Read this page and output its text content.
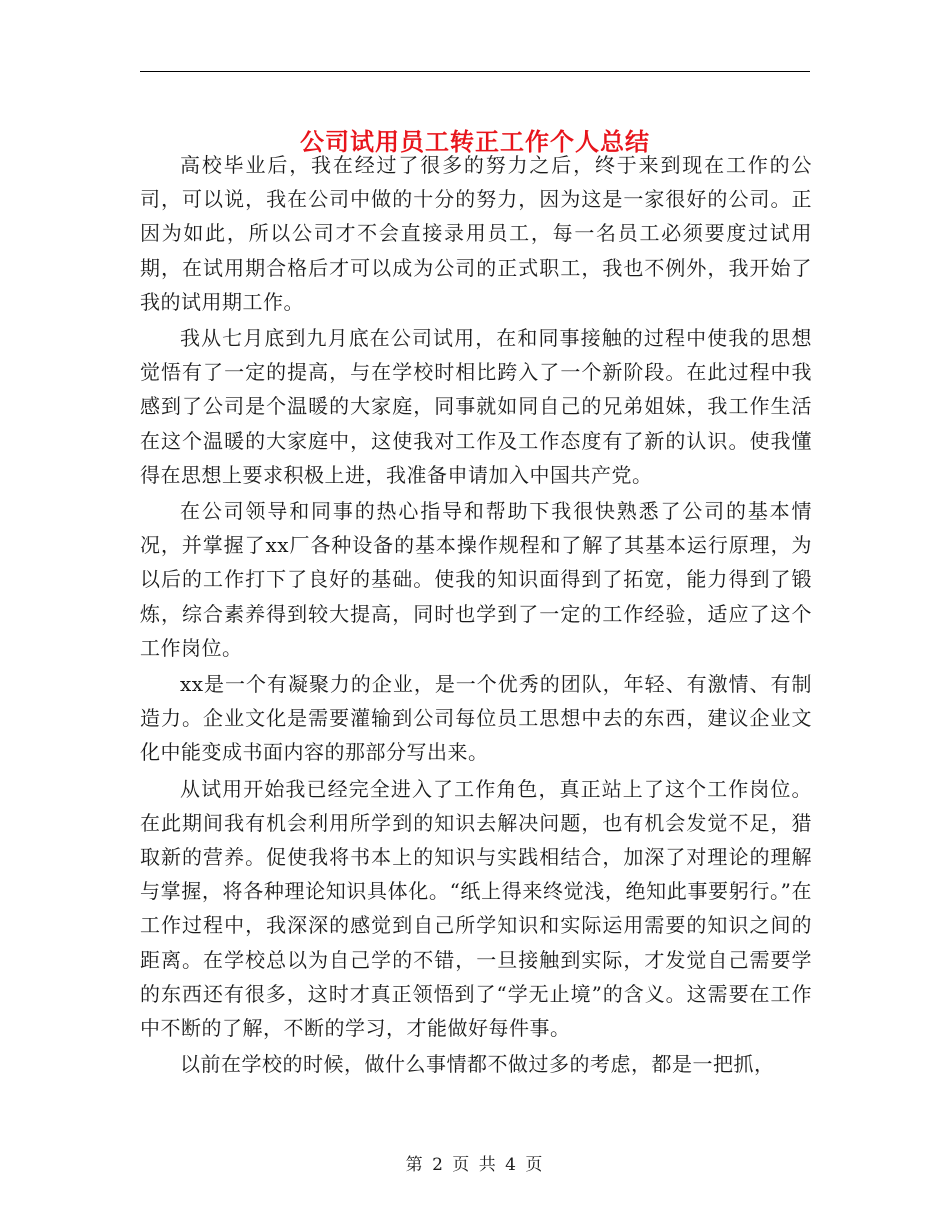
公司试用员工转正工作个人总结

高校毕业后，我在经过了很多的努力之后，终于来到现在工作的公司，可以说，我在公司中做的十分的努力，因为这是一家很好的公司。正因为如此，所以公司才不会直接录用员工，每一名员工必须要度过试用期，在试用期合格后才可以成为公司的正式职工，我也不例外，我开始了我的试用期工作。

我从七月底到九月底在公司试用，在和同事接触的过程中使我的思想觉悟有了一定的提高，与在学校时相比跨入了一个新阶段。在此过程中我感到了公司是个温暖的大家庭，同事就如同自己的兄弟姐妹，我工作生活在这个温暖的大家庭中，这使我对工作及工作态度有了新的认识。使我懂得在思想上要求积极上进，我准备申请加入中国共产党。

在公司领导和同事的热心指导和帮助下我很快熟悉了公司的基本情况，并掌握了xx厂各种设备的基本操作规程和了解了其基本运行原理，为以后的工作打下了良好的基础。使我的知识面得到了拓宽，能力得到了锻炼，综合素养得到较大提高，同时也学到了一定的工作经验，适应了这个工作岗位。

xx是一个有凝聚力的企业，是一个优秀的团队，年轻、有激情、有制造力。企业文化是需要灌输到公司每位员工思想中去的东西，建议企业文化中能变成书面内容的那部分写出来。

从试用开始我已经完全进入了工作角色，真正站上了这个工作岗位。在此期间我有机会利用所学到的知识去解决问题，也有机会发觉不足，猎取新的营养。促使我将书本上的知识与实践相结合，加深了对理论的理解与掌握，将各种理论知识具体化。“纸上得来终觉浅，绝知此事要躬行。”在工作过程中，我深深的感觉到自己所学知识和实际运用需要的知识之间的距离。在学校总以为自己学的不错，一旦接触到实际，才发觉自己需要学的东西还有很多，这时才真正领悟到了“学无止境”的含义。这需要在工作中不断的了解，不断的学习，才能做好每件事。

以前在学校的时候，做什么事情都不做过多的考虑，都是一把抓，

第 2 页 共 4 页
